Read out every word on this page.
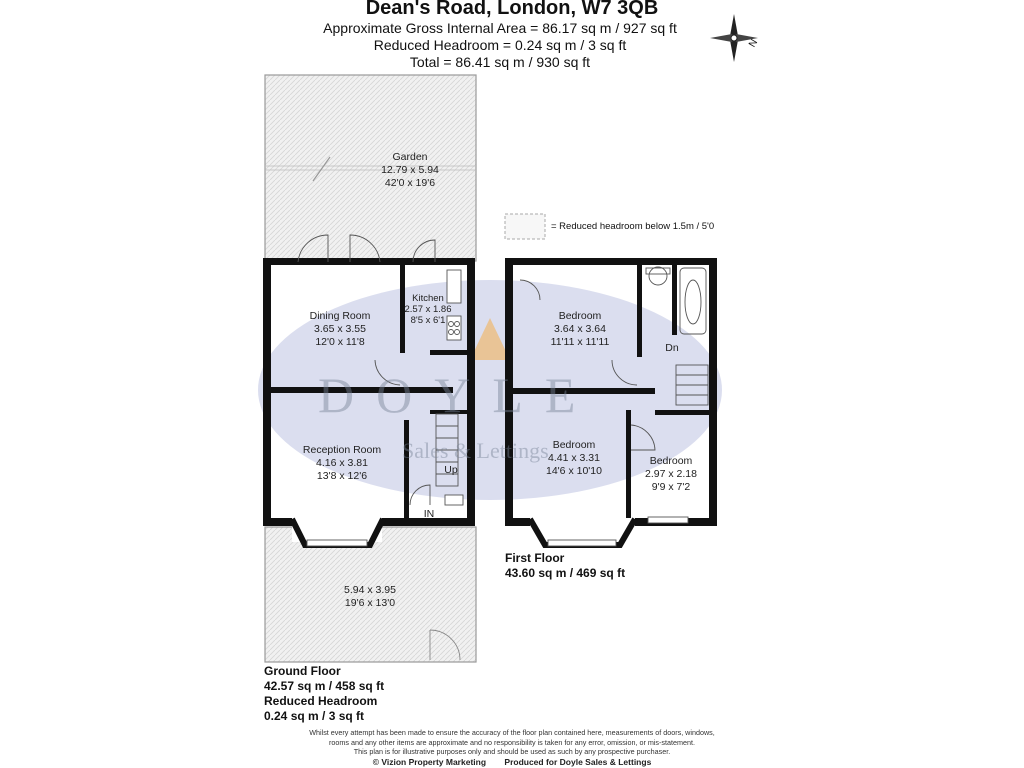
Dean's Road, London, W7 3QB
Approximate Gross Internal Area = 86.17 sq m / 927 sq ft
Reduced Headroom = 0.24 sq m / 3 sq ft
Total = 86.41 sq m / 930 sq ft
N
DOYLE
Sales & Lettings
= Reduced headroom below 1.5m / 5'0
Garden
12.79 x 5.94
42'0 x 19'6
Dining Room
3.65 x 3.55
12'0 x 11'8
Kitchen
2.57 x 1.86
8'5 x 6'1
Reception Room
4.16 x 3.81
13'8 x 12'6
5.94 x 3.95
19'6 x 13'0
Up
IN
Bedroom
3.64 x 3.64
11'11 x 11'11
Bedroom
4.41 x 3.31
14'6 x 10'10
Bedroom
2.97 x 2.18
9'9 x 7'2
Dn
First Floor
43.60 sq m / 469 sq ft
Ground Floor
42.57 sq m / 458 sq ft
Reduced Headroom
0.24 sq m / 3 sq ft
Whilst every attempt has been made to ensure the accuracy of the floor plan contained here, measurements of doors, windows,
rooms and any other items are approximate and no responsibility is taken for any error, omission, or mis-statement.
This plan is for illustrative purposes only and should be used as such by any prospective purchaser.
© Vizion Property Marketing Produced for Doyle Sales & Lettings
